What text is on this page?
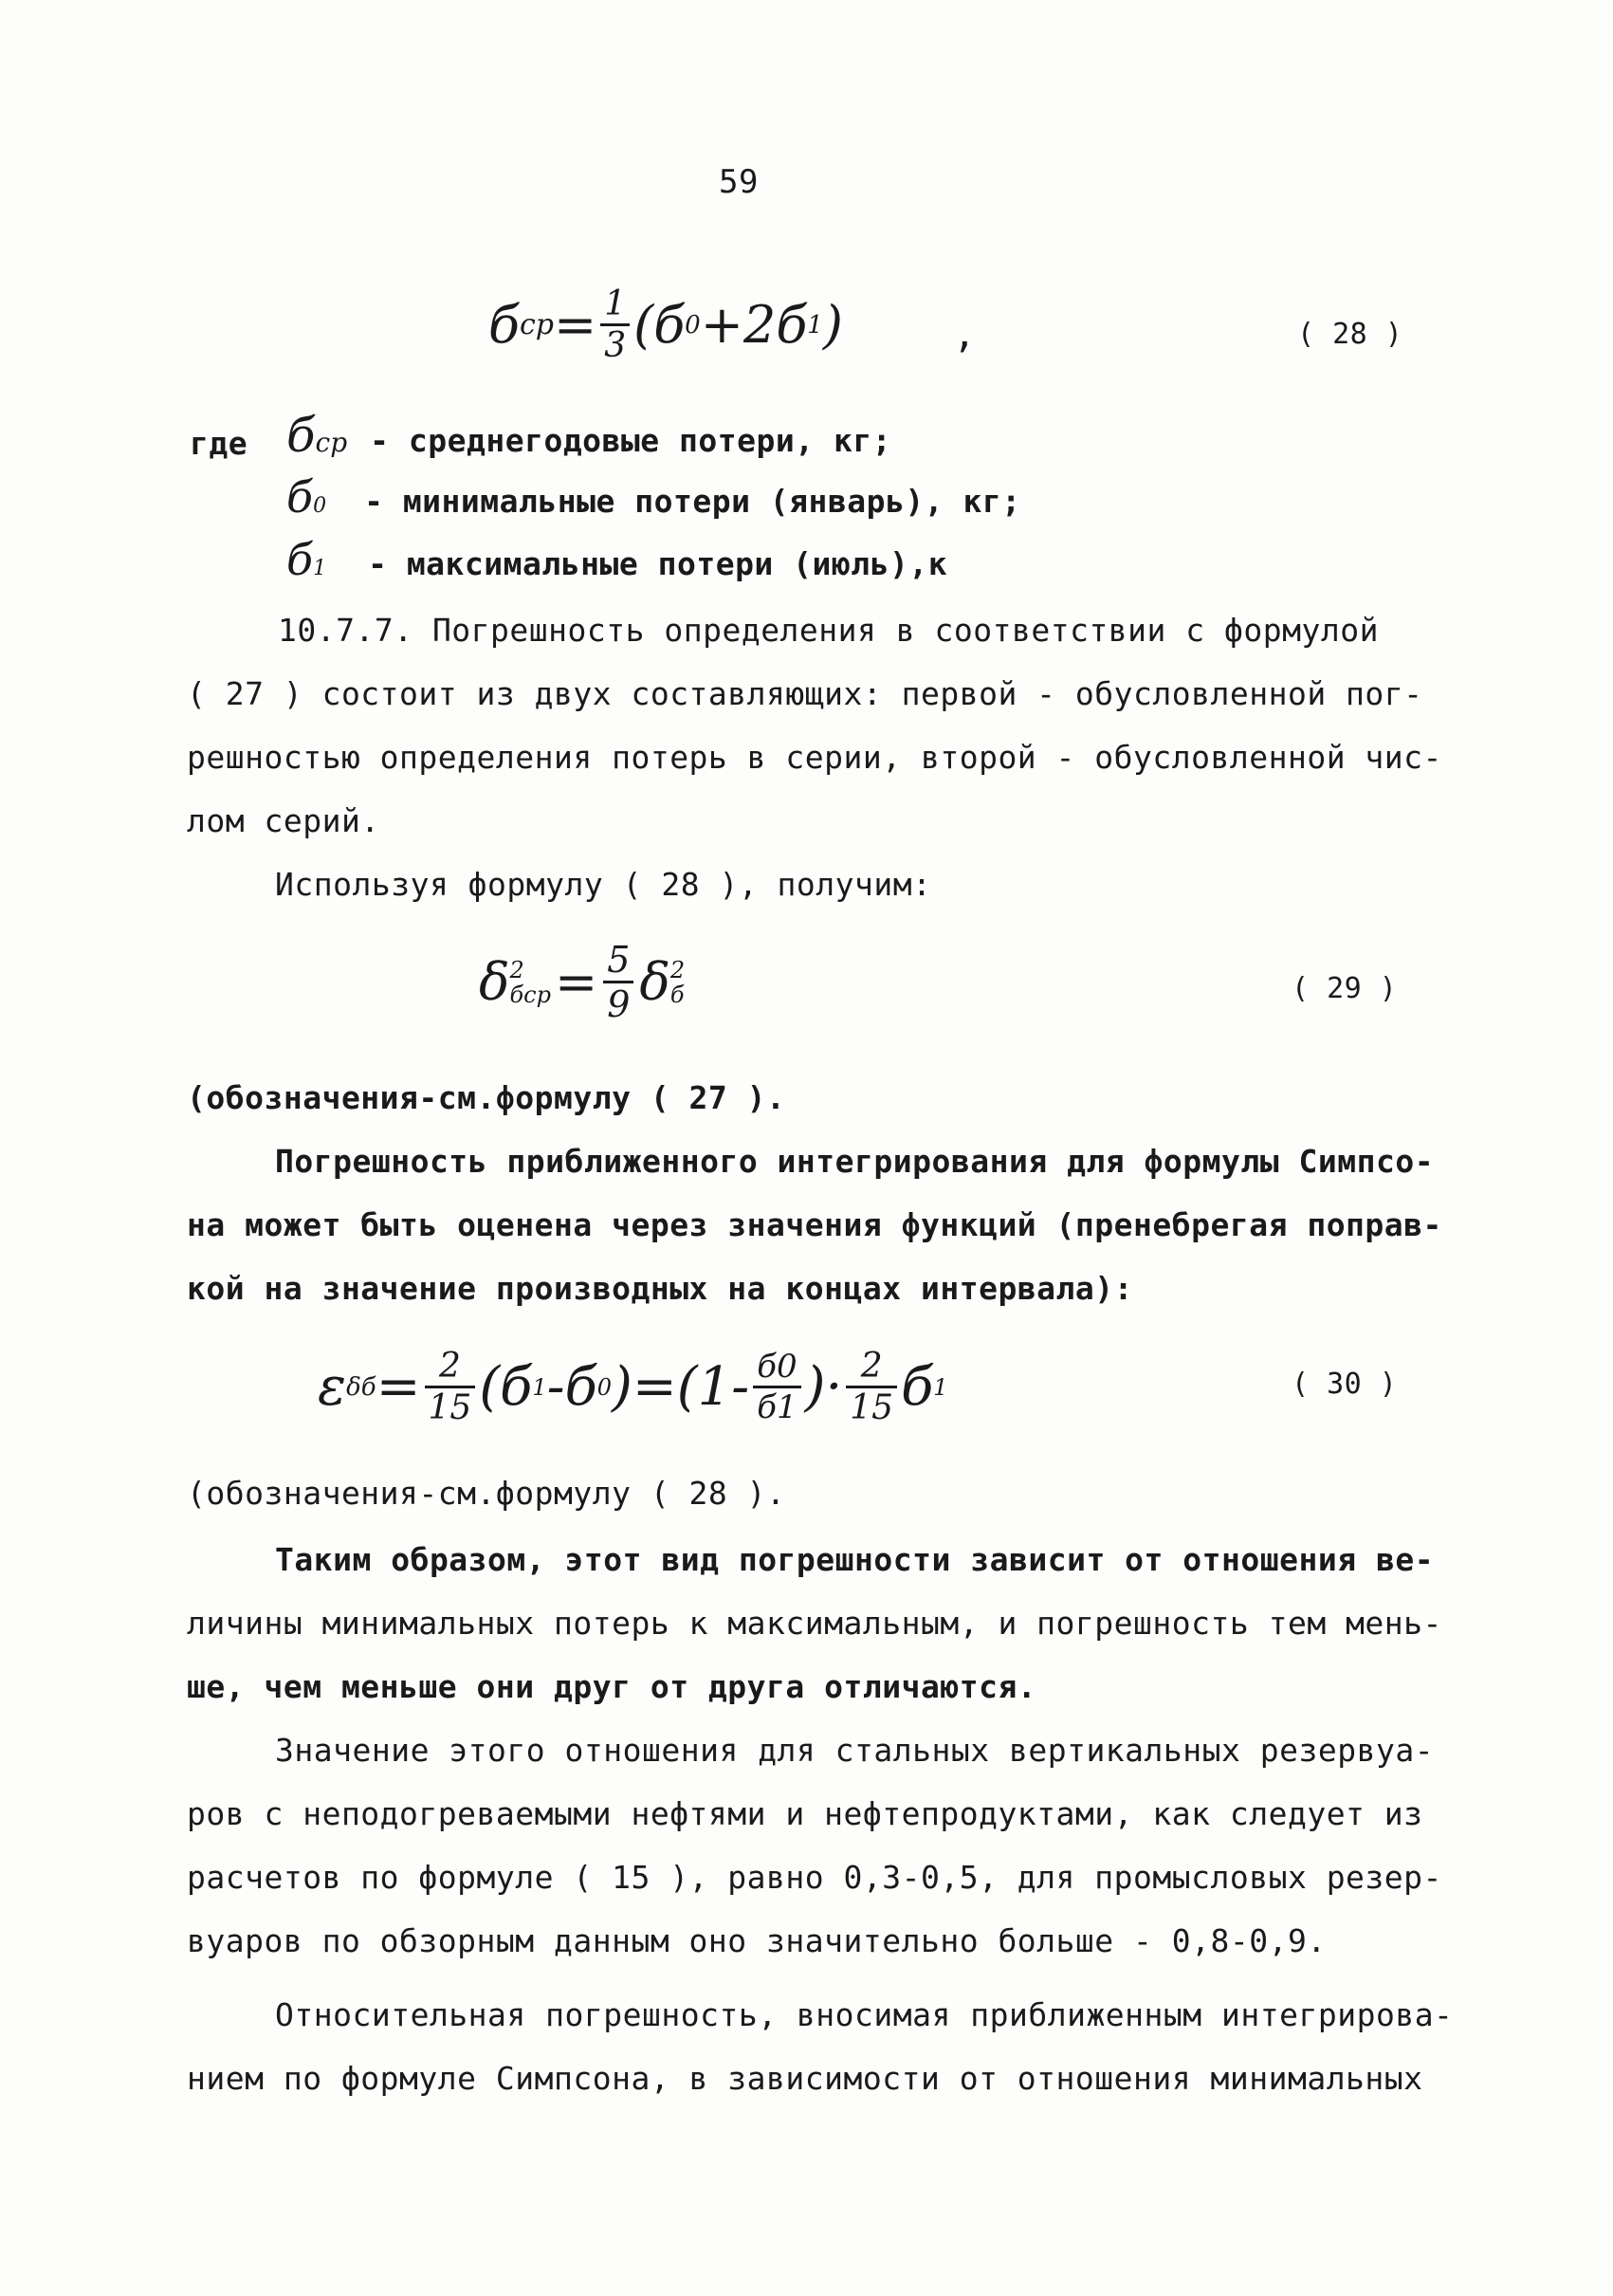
59
б ср = $\frac{1}{3} (б$ 0 +2б 1 )	,	( 28 )
где б ср - среднегодовые потери, кг;
б 0 - минимальные потери (январь), кг;
б 1 - максимальные потери (июль),к
10.7.7. Погрешность определения в соответствии с формулой
( 27 ) состоит из двух составляющих: первой - обусловленной пог-
решностью определения потерь в серии, второй - обусловленной чис-
лом серий.
Используя формулу ( 28 ), получим:
δ 2
бср = $\frac{5}{9}$ δ 2
б	( 29 )
(обозначения-см.формулу ( 27 ).
Погрешность приближенного интегрирования для формулы Симпсо-
на может быть оценена через значения функций (пренебрегая поправ-
кой на значение производных на концах интервала):
ε $\delta б = \frac{2}{15} (б$ 1 -б 0 )$=(1- \frac{б0}{б1}$ )· $\frac{2}{15}$ б 1	( 30 )
(обозначения-см.формулу ( 28 ).
Таким образом, этот вид погрешности зависит от отношения ве-
личины минимальных потерь к максимальным, и погрешность тем мень-
ше, чем меньше они друг от друга отличаются.
Значение этого отношения для стальных вертикальных резервуа-
ров с неподогреваемыми нефтями и нефтепродуктами, как следует из
расчетов по формуле ( 15 ), равно 0,3-0,5, для промысловых резер-
вуаров по обзорным данным оно значительно больше - 0,8-0,9.
Относительная погрешность, вносимая приближенным интегрирова-
нием по формуле Симпсона, в зависимости от отношения минимальных
